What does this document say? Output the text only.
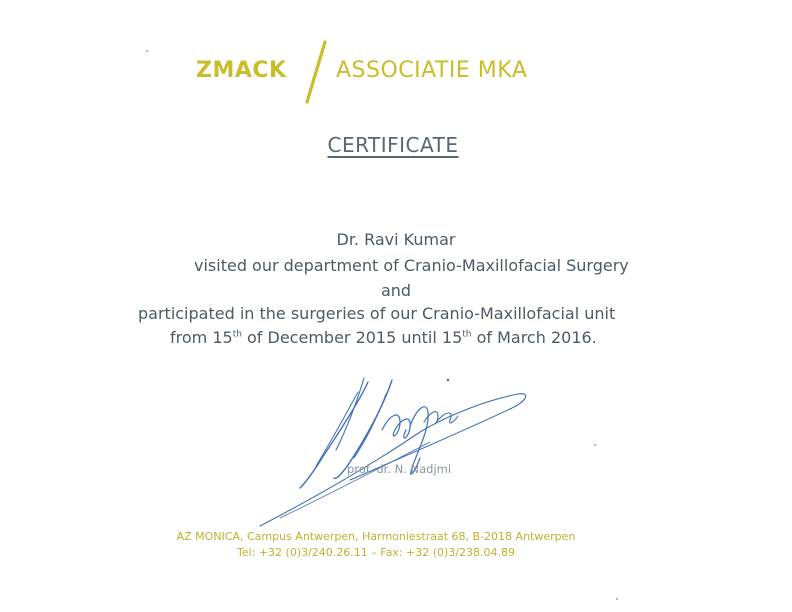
ZMACK ASSOCIATIE MKA
CERTIFICATE
Dr. Ravi Kumar
visited our department of Cranio-Maxillofacial Surgery
and
participated in the surgeries of our Cranio-Maxillofacial unit
from 15th of December 2015 until 15th of March 2016.
prof. dr. N. Nadjmi
AZ MONICA, Campus Antwerpen, Harmoniestraat 68, B-2018 Antwerpen
Tel: +32 (0)3/240.26.11 – Fax: +32 (0)3/238.04.89
